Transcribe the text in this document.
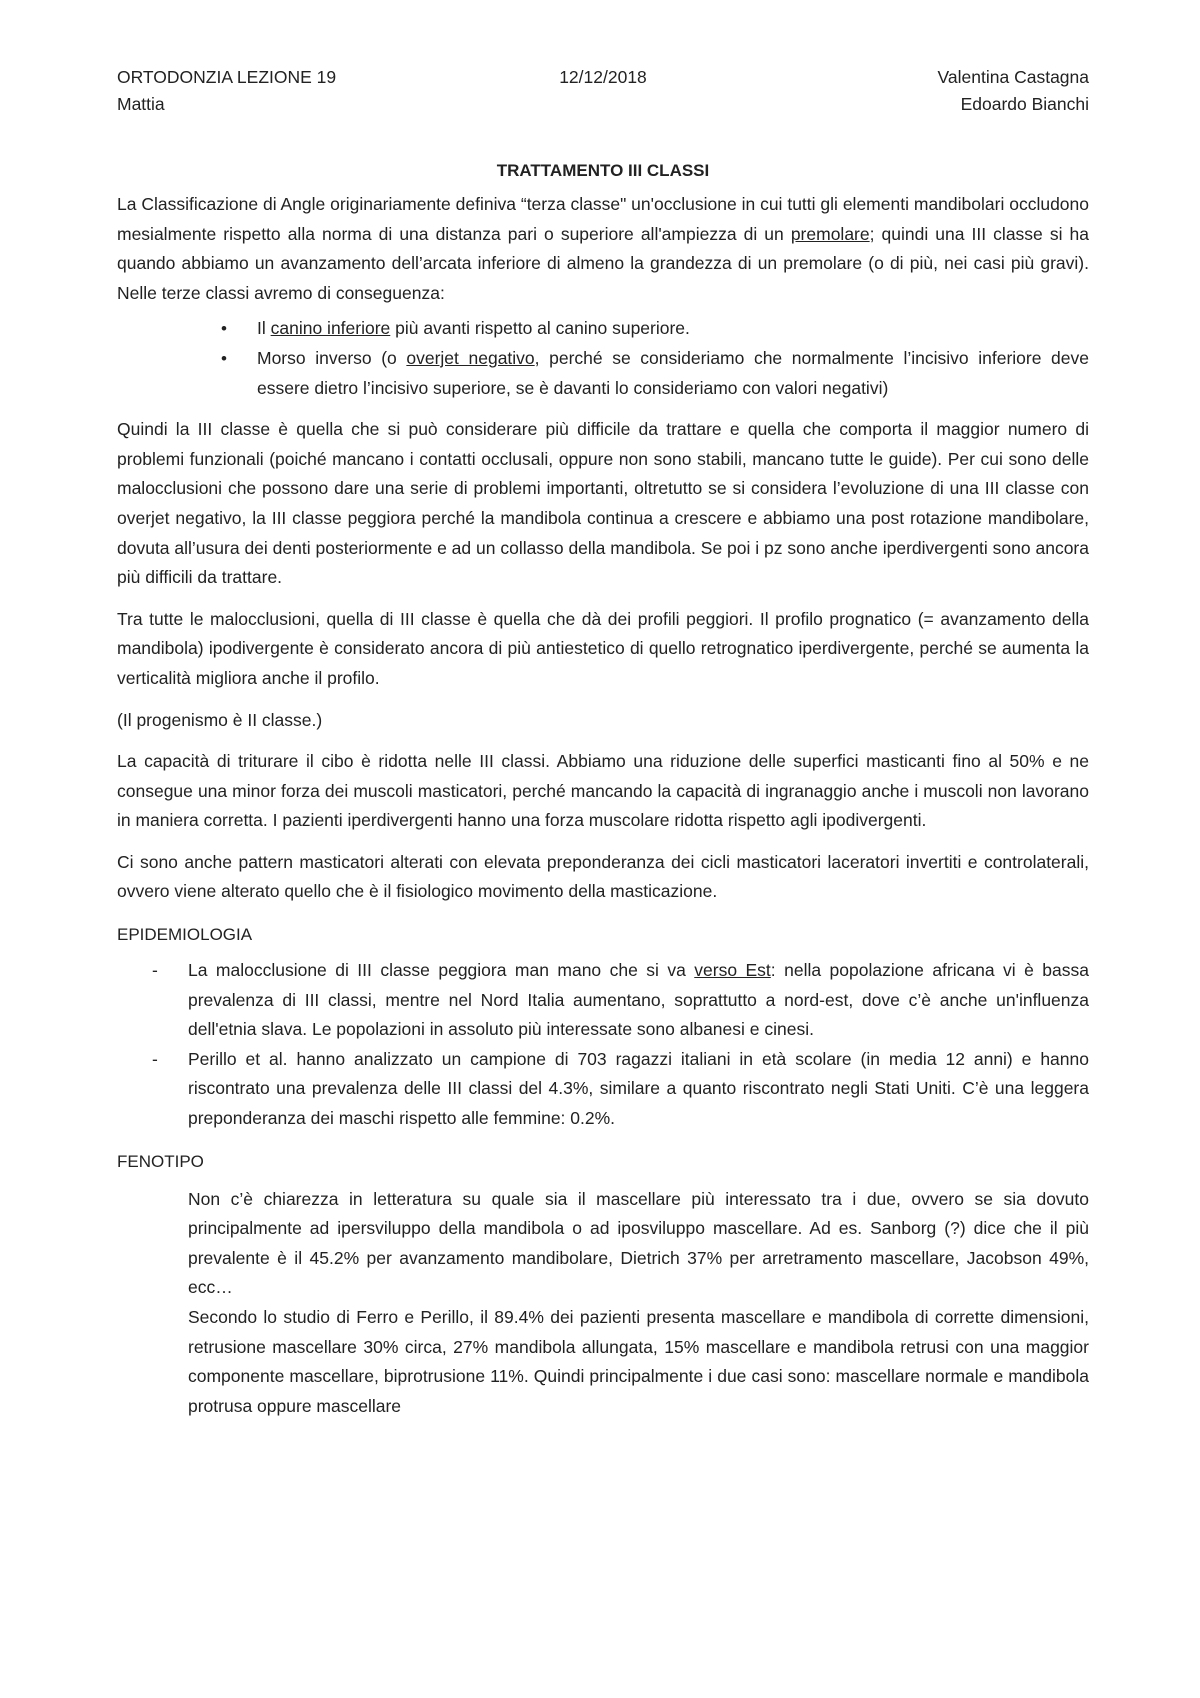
ORTODONZIA LEZIONE 19
Mattia
12/12/2018	Valentina Castagna
Edoardo Bianchi
TRATTAMENTO III CLASSI

La Classificazione di Angle originariamente definiva “terza classe" un'occlusione in cui tutti gli elementi mandibolari occludono mesialmente rispetto alla norma di una distanza pari o superiore all'ampiezza di un premolare; quindi una III classe si ha quando abbiamo un avanzamento dell’arcata inferiore di almeno la grandezza di un premolare (o di più, nei casi più gravi). Nelle terze classi avremo di conseguenza:

• Il canino inferiore più avanti rispetto al canino superiore.
• Morso inverso (o overjet negativo, perché se consideriamo che normalmente l’incisivo inferiore deve essere dietro l’incisivo superiore, se è davanti lo consideriamo con valori negativi)

Quindi la III classe è quella che si può considerare più difficile da trattare e quella che comporta il maggior numero di problemi funzionali (poiché mancano i contatti occlusali, oppure non sono stabili, mancano tutte le guide). Per cui sono delle malocclusioni che possono dare una serie di problemi importanti, oltretutto se si considera l’evoluzione di una III classe con overjet negativo, la III classe peggiora perché la mandibola continua a crescere e abbiamo una post rotazione mandibolare, dovuta all’usura dei denti posteriormente e ad un collasso della mandibola. Se poi i pz sono anche iperdivergenti sono ancora più difficili da trattare.

Tra tutte le malocclusioni, quella di III classe è quella che dà dei profili peggiori. Il profilo prognatico (= avanzamento della mandibola) ipodivergente è considerato ancora di più antiestetico di quello retrognatico iperdivergente, perché se aumenta la verticalità migliora anche il profilo.

(Il progenismo è II classe.)

La capacità di triturare il cibo è ridotta nelle III classi. Abbiamo una riduzione delle superfici masticanti fino al 50% e ne consegue una minor forza dei muscoli masticatori, perché mancando la capacità di ingranaggio anche i muscoli non lavorano in maniera corretta. I pazienti iperdivergenti hanno una forza muscolare ridotta rispetto agli ipodivergenti.

Ci sono anche pattern masticatori alterati con elevata preponderanza dei cicli masticatori laceratori invertiti e controlaterali, ovvero viene alterato quello che è il fisiologico movimento della masticazione.

EPIDEMIOLOGIA
- La malocclusione di III classe peggiora man mano che si va verso Est: nella popolazione africana vi è bassa prevalenza di III classi, mentre nel Nord Italia aumentano, soprattutto a nord-est, dove c’è anche un'influenza dell'etnia slava. Le popolazioni in assoluto più interessate sono albanesi e cinesi.
- Perillo et al. hanno analizzato un campione di 703 ragazzi italiani in età scolare (in media 12 anni) e hanno riscontrato una prevalenza delle III classi del 4.3%, similare a quanto riscontrato negli Stati Uniti. C’è una leggera preponderanza dei maschi rispetto alle femmine: 0.2%.
FENOTIPO

Non c’è chiarezza in letteratura su quale sia il mascellare più interessato tra i due, ovvero se sia dovuto principalmente ad ipersviluppo della mandibola o ad iposviluppo mascellare. Ad es. Sanborg (?) dice che il più prevalente è il 45.2% per avanzamento mandibolare, Dietrich 37% per arretramento mascellare, Jacobson 49%, ecc…

Secondo lo studio di Ferro e Perillo, il 89.4% dei pazienti presenta mascellare e mandibola di corrette dimensioni, retrusione mascellare 30% circa, 27% mandibola allungata, 15% mascellare e mandibola retrusi con una maggior componente mascellare, biprotrusione 11%. Quindi principalmente i due casi sono: mascellare normale e mandibola protrusa oppure mascellare
